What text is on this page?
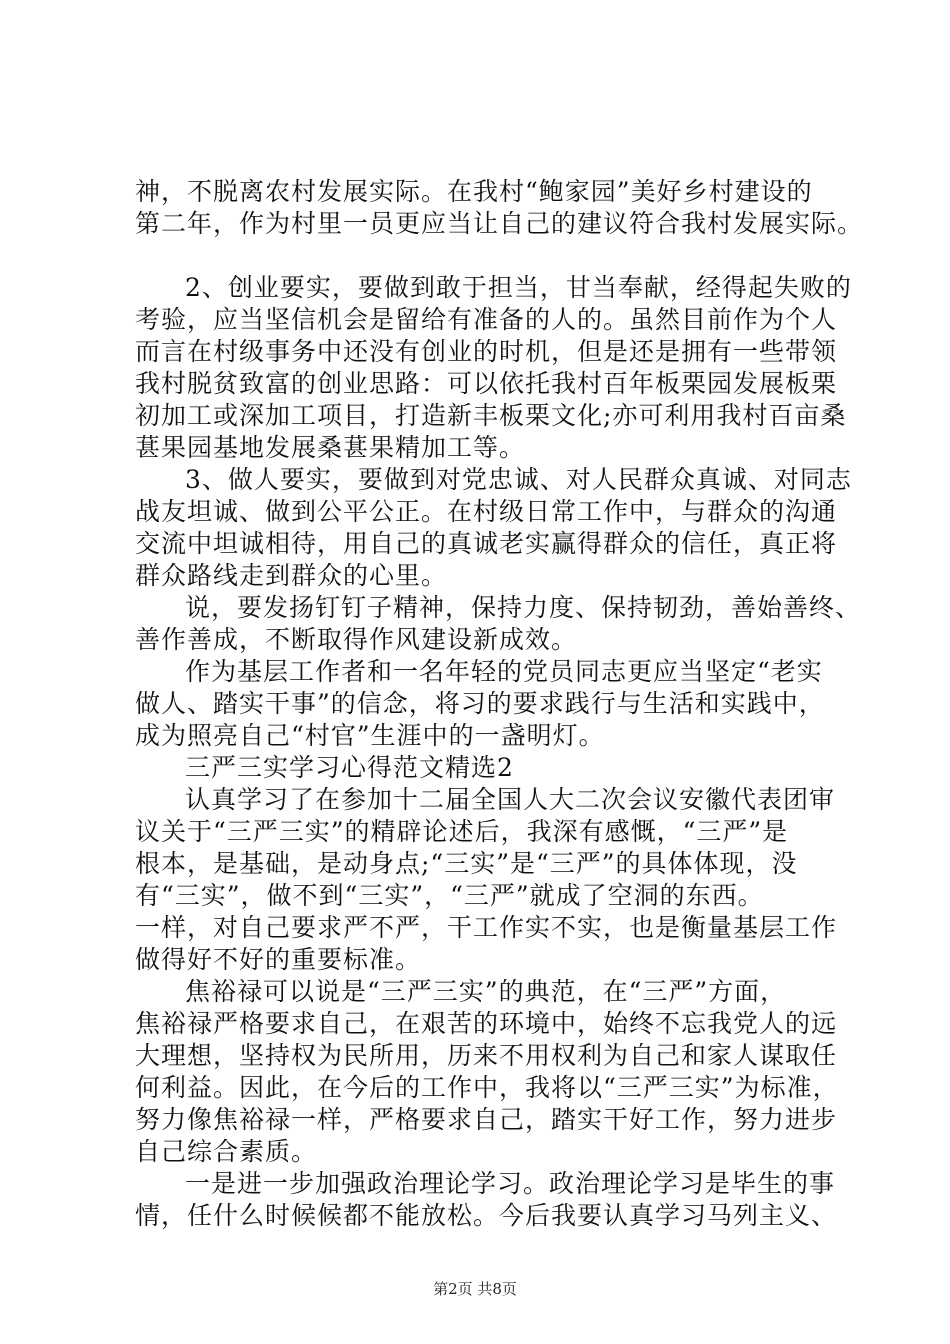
神，不脱离农村发展实际。在我村“鲍家园”美好乡村建设的
第二年，作为村里一员更应当让自己的建议符合我村发展实际。
2、创业要实，要做到敢于担当，甘当奉献，经得起失败的
考验，应当坚信机会是留给有准备的人的。虽然目前作为个人
而言在村级事务中还没有创业的时机，但是还是拥有一些带领
我村脱贫致富的创业思路：可以依托我村百年板栗园发展板栗
初加工或深加工项目，打造新丰板栗文化;亦可利用我村百亩桑
葚果园基地发展桑葚果精加工等。
3、做人要实，要做到对党忠诚、对人民群众真诚、对同志
战友坦诚、做到公平公正。在村级日常工作中，与群众的沟通
交流中坦诚相待，用自己的真诚老实赢得群众的信任，真正将
群众路线走到群众的心里。
说，要发扬钉钉子精神，保持力度、保持韧劲，善始善终、
善作善成，不断取得作风建设新成效。
作为基层工作者和一名年轻的党员同志更应当坚定“老实
做人、踏实干事”的信念，将习的要求践行与生活和实践中，
成为照亮自己“村官”生涯中的一盏明灯。
三严三实学习心得范文精选2
认真学习了在参加十二届全国人大二次会议安徽代表团审
议关于“三严三实”的精辟论述后，我深有感慨，“三严”是
根本，是基础，是动身点;“三实”是“三严”的具体体现，没
有“三实”，做不到“三实”，“三严”就成了空洞的东西。
一样，对自己要求严不严，干工作实不实，也是衡量基层工作
做得好不好的重要标准。
焦裕禄可以说是“三严三实”的典范，在“三严”方面，
焦裕禄严格要求自己，在艰苦的环境中，始终不忘我党人的远
大理想，坚持权为民所用，历来不用权利为自己和家人谋取任
何利益。因此，在今后的工作中，我将以“三严三实”为标准，
努力像焦裕禄一样，严格要求自己，踏实干好工作，努力进步
自己综合素质。
一是进一步加强政治理论学习。政治理论学习是毕生的事
情，任什么时候候都不能放松。今后我要认真学习马列主义、
第2页 共8页
